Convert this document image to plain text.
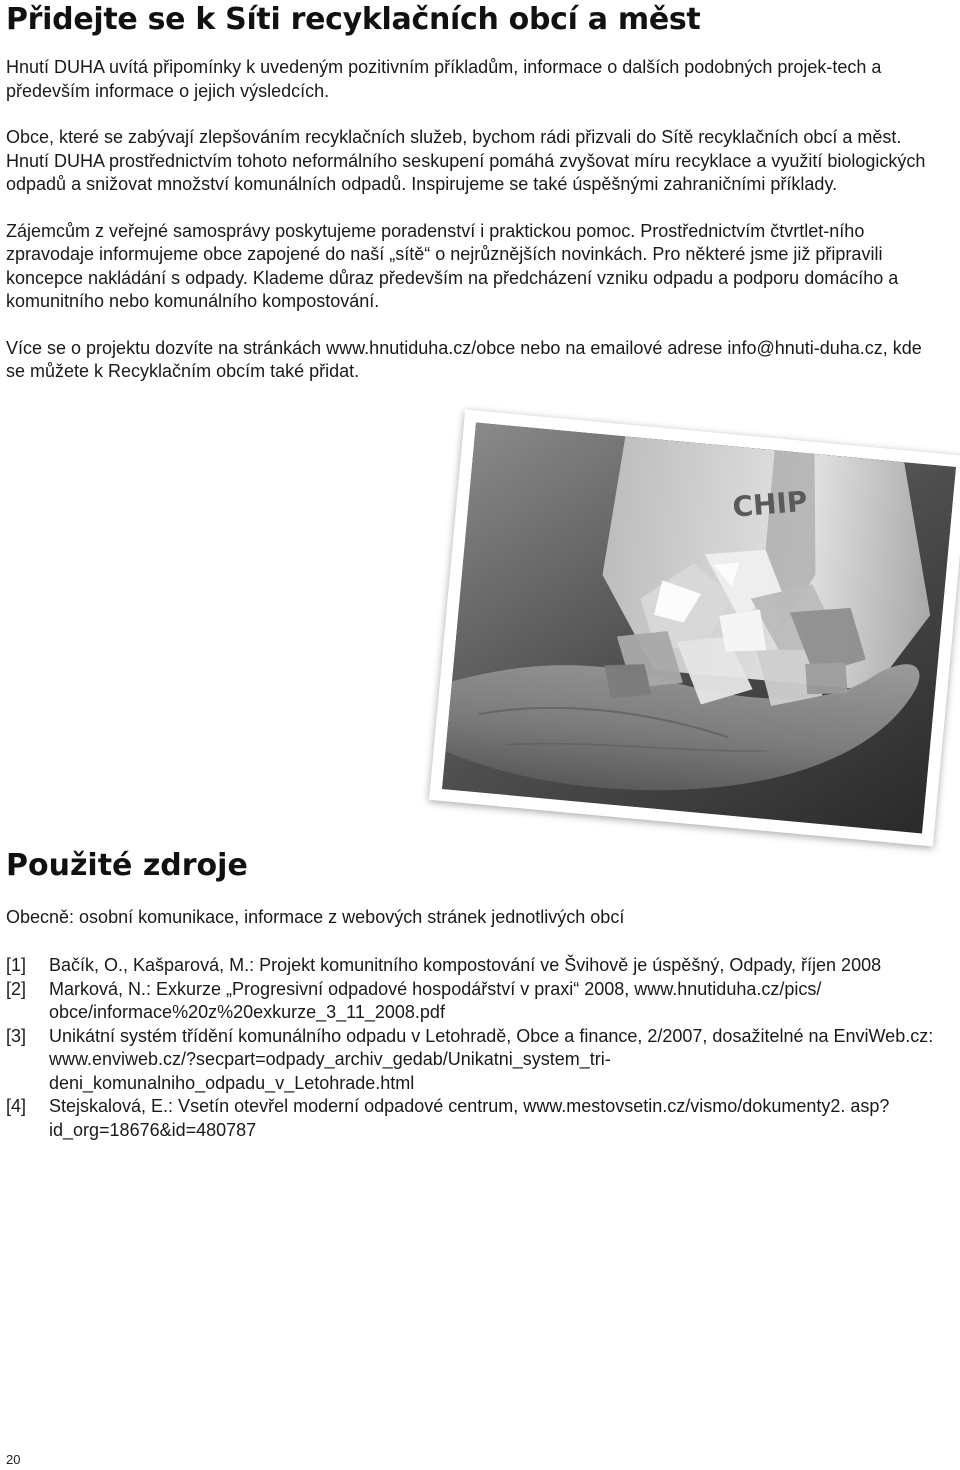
Přidejte se k Síti recyklačních obcí a měst

Hnutí DUHA uvítá připomínky k uvedeným pozitivním příkladům, informace o dalších podobných projek-tech a především informace o jejich výsledcích.

Obce, které se zabývají zlepšováním recyklačních služeb, bychom rádi přizvali do Sítě recyklačních obcí a měst. Hnutí DUHA prostřednictvím tohoto neformálního seskupení pomáhá zvyšovat míru recyklace a využití biologických odpadů a snižovat množství komunálních odpadů. Inspirujeme se také úspěšnými zahraničními příklady.

Zájemcům z veřejné samosprávy poskytujeme poradenství i praktickou pomoc. Prostřednictvím čtvrtlet-ního zpravodaje informujeme obce zapojené do naší „sítě“ o nejrůznějších novinkách. Pro některé jsme již připravili koncepce nakládání s odpady. Klademe důraz především na předcházení vzniku odpadu a podporu domácího a komunitního nebo komunálního kompostování.

Více se o projektu dozvíte na stránkách www.hnutiduha.cz/obce nebo na emailové adrese info@hnuti-duha.cz, kde se můžete k Recyklačním obcím také přidat.

CHIP
Použité zdroje
Obecně: osobní komunikace, informace z webových stránek jednotlivých obcí
[1] Bačík, O., Kašparová, M.: Projekt komunitního kompostování ve Švihově je úspěšný, Odpady, říjen 2008
[2] Marková, N.: Exkurze „Progresivní odpadové hospodářství v praxi“ 2008, www.hnutiduha.cz/pics/ obce/informace%20z%20exkurze_3_11_2008.pdf
[3] Unikátní systém třídění komunálního odpadu v Letohradě, Obce a finance, 2/2007, dosažitelné na EnviWeb.cz: www.enviweb.cz/?secpart=odpady_archiv_gedab/Unikatni_system_tri-deni_komunalniho_odpadu_v_Letohrade.html
[4] Stejskalová, E.: Vsetín otevřel moderní odpadové centrum, www.mestovsetin.cz/vismo/dokumenty2. asp?id_org=18676&id=480787
20
